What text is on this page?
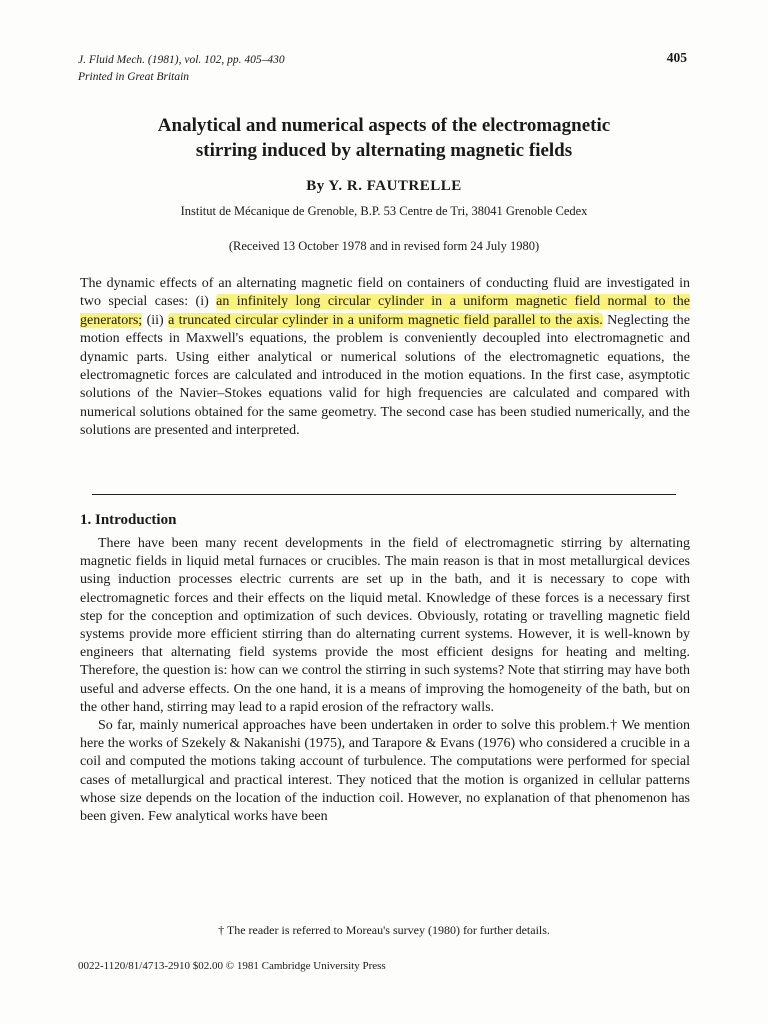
J. Fluid Mech. (1981), vol. 102, pp. 405–430
Printed in Great Britain
405
Analytical and numerical aspects of the electromagnetic
stirring induced by alternating magnetic fields
By Y. R. FAUTRELLE
Institut de Mécanique de Grenoble, B.P. 53 Centre de Tri, 38041 Grenoble Cedex
(Received 13 October 1978 and in revised form 24 July 1980)
The dynamic effects of an alternating magnetic field on containers of conducting fluid are investigated in two special cases: (i) an infinitely long circular cylinder in a uniform magnetic field normal to the generators; (ii) a truncated circular cylinder in a uniform magnetic field parallel to the axis. Neglecting the motion effects in Maxwell's equations, the problem is conveniently decoupled into electromagnetic and dynamic parts. Using either analytical or numerical solutions of the electromagnetic equations, the electromagnetic forces are calculated and introduced in the motion equations. In the first case, asymptotic solutions of the Navier–Stokes equations valid for high frequencies are calculated and compared with numerical solutions obtained for the same geometry. The second case has been studied numerically, and the solutions are presented and interpreted.
1. Introduction

There have been many recent developments in the field of electromagnetic stirring by alternating magnetic fields in liquid metal furnaces or crucibles. The main reason is that in most metallurgical devices using induction processes electric currents are set up in the bath, and it is necessary to cope with electromagnetic forces and their effects on the liquid metal. Knowledge of these forces is a necessary first step for the conception and optimization of such devices. Obviously, rotating or travelling magnetic field systems provide more efficient stirring than do alternating current systems. However, it is well-known by engineers that alternating field systems provide the most efficient designs for heating and melting. Therefore, the question is: how can we control the stirring in such systems? Note that stirring may have both useful and adverse effects. On the one hand, it is a means of improving the homogeneity of the bath, but on the other hand, stirring may lead to a rapid erosion of the refractory walls.

So far, mainly numerical approaches have been undertaken in order to solve this problem.† We mention here the works of Szekely & Nakanishi (1975), and Tarapore & Evans (1976) who considered a crucible in a coil and computed the motions taking account of turbulence. The computations were performed for special cases of metallurgical and practical interest. They noticed that the motion is organized in cellular patterns whose size depends on the location of the induction coil. However, no explanation of that phenomenon has been given. Few analytical works have been

† The reader is referred to Moreau's survey (1980) for further details.
0022-1120/81/4713-2910 $02.00 © 1981 Cambridge University Press
